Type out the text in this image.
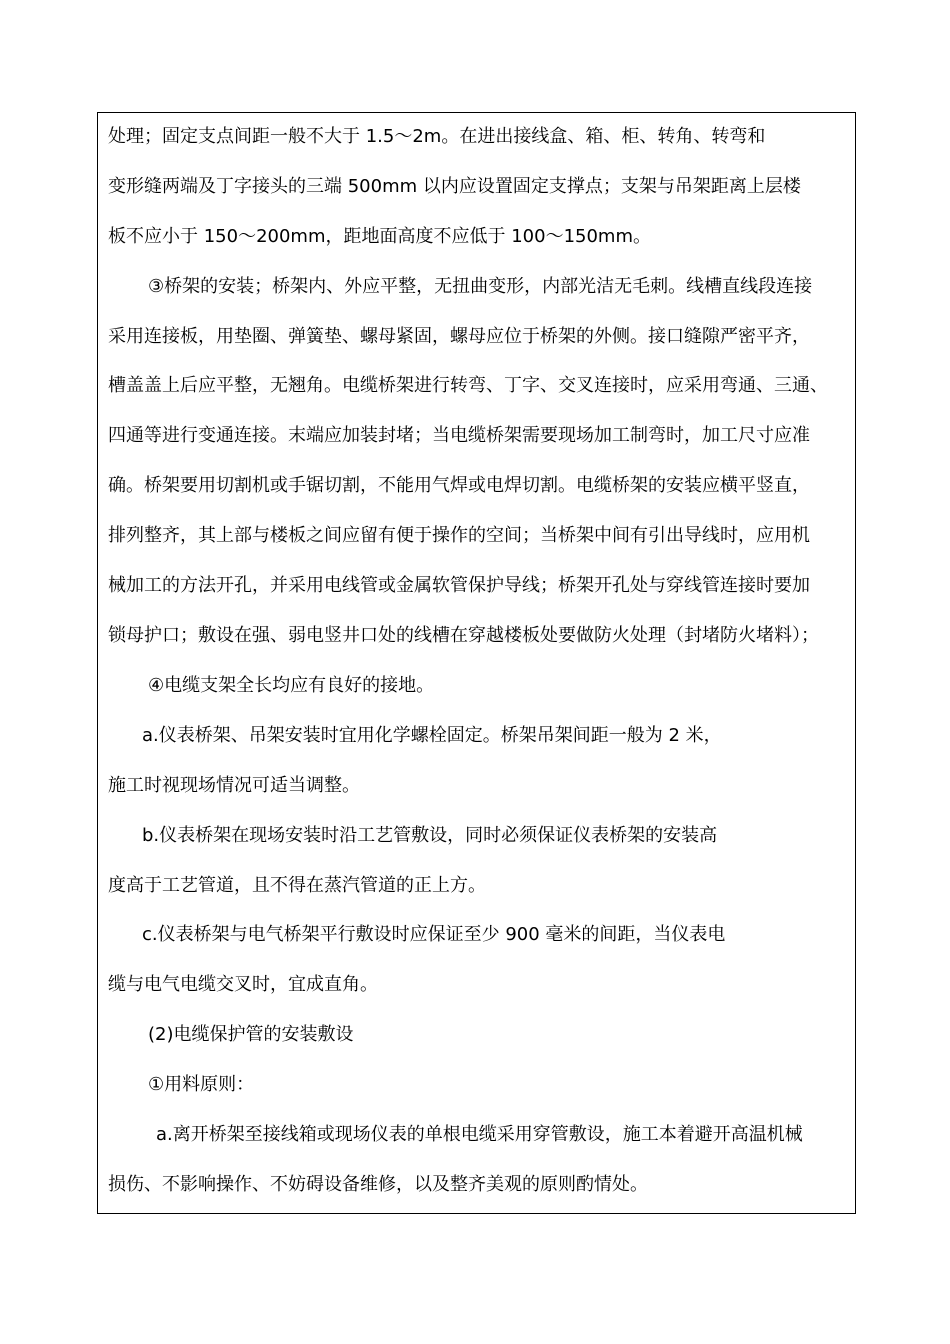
处理；固定支点间距一般不大于 1.5～2m。在进出接线盒、箱、柜、转角、转弯和
变形缝两端及丁字接头的三端 500mm 以内应设置固定支撑点；支架与吊架距离上层楼
板不应小于 150～200mm，距地面高度不应低于 100～150mm。
③桥架的安装；桥架内、外应平整，无扭曲变形，内部光洁无毛刺。线槽直线段连接
采用连接板，用垫圈、弹簧垫、螺母紧固，螺母应位于桥架的外侧。接口缝隙严密平齐，
槽盖盖上后应平整，无翘角。电缆桥架进行转弯、丁字、交叉连接时，应采用弯通、三通、
四通等进行变通连接。末端应加装封堵；当电缆桥架需要现场加工制弯时，加工尺寸应准
确。桥架要用切割机或手锯切割，不能用气焊或电焊切割。电缆桥架的安装应横平竖直，
排列整齐，其上部与楼板之间应留有便于操作的空间；当桥架中间有引出导线时，应用机
械加工的方法开孔，并采用电线管或金属软管保护导线；桥架开孔处与穿线管连接时要加
锁母护口；敷设在强、弱电竖井口处的线槽在穿越楼板处要做防火处理（封堵防火堵料）；
④电缆支架全长均应有良好的接地。
a.仪表桥架、吊架安装时宜用化学螺栓固定。桥架吊架间距一般为 2 米，
施工时视现场情况可适当调整。
b.仪表桥架在现场安装时沿工艺管敷设，同时必须保证仪表桥架的安装高
度高于工艺管道，且不得在蒸汽管道的正上方。
c.仪表桥架与电气桥架平行敷设时应保证至少 900 毫米的间距，当仪表电
缆与电气电缆交叉时，宜成直角。
(2)电缆保护管的安装敷设
①用料原则：
a.离开桥架至接线箱或现场仪表的单根电缆采用穿管敷设，施工本着避开高温机械
损伤、不影响操作、不妨碍设备维修，以及整齐美观的原则酌情处。
